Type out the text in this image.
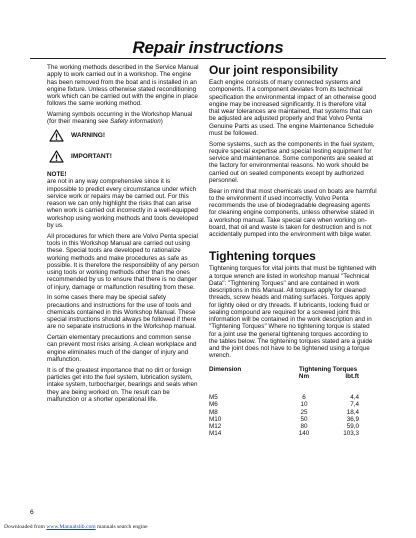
Repair instructions

The working methods described in the Service Manual apply to work carried out in a workshop. The engine has been removed from the boat and is installed in an engine fixture. Unless otherwise stated reconditioning work which can be carried out with the engine in place follows the same working method.

Warning symbols occurring in the Workshop Manual (for their meaning see Safety information)

WARNING!
IMPORTANT!
NOTE!

are not in any way comprehensive since it is impossible to predict every circumstance under which service work or repairs may be carried out. For this reason we can only highlight the risks that can arise when work is carried out incorrectly in a well-equipped workshop using working methods and tools developed by us.

All procedures for which there are Volvo Penta special tools in this Workshop Manual are carried out using these. Special tools are developed to rationalize working methods and make procedures as safe as possible. It is therefore the responsibility of any person using tools or working methods other than the ones recommended by us to ensure that there is no danger of injury, damage or malfunction resulting from these.

In some cases there may be special safety precautions and instructions for the use of tools and chemicals contained in this Workshop Manual. These special instructions should always be followed if there are no separate instructions in the Workshop manual.

Certain elementary precautions and common sense can prevent most risks arising. A clean workplace and engine eliminates much of the danger of injury and malfunction.

It is of the greatest importance that no dirt or foreign particles get into the fuel system, lubrication system, intake system, turbocharger, bearings and seals when they are being worked on. The result can be malfunction or a shorter operational life.

Our joint responsibility

Each engine consists of many connected systems and components. If a component deviates from its technical specification the environmental impact of an otherwise good engine may be increased significantly. It is therefore vital that wear tolerances are maintained, that systems that can be adjusted are adjusted properly and that Volvo Penta Genuine Parts as used. The engine Maintenance Schedule must be followed.

Some systems, such as the components in the fuel system, require special expertise and special testing equipment for service and maintenance. Some components are sealed at the factory for environmental reasons. No work should be carried out on sealed components except by authorized personnel.

Bear in mind that most chemicals used on boats are harmful to the environment if used incorrectly. Volvo Penta recommends the use of biodegradable degreasing agents for cleaning engine components, unless otherwise stated in a workshop manual. Take special care when working on-board, that oil and waste is taken for destruction and is not accidentally pumped into the environment with bilge water.

Tightening torques

Tightening torques for vital joints that must be tightened with a torque wrench are listed in workshop manual "Technical Data": "Tightening Torques" and are contained in work descriptions in this Manual. All torques apply for cleaned threads, screw heads and mating surfaces. Torques apply for lightly oiled or dry threads. If lubricants, locking fluid or sealing compound are required for a screwed joint this information will be contained in the work description and in "Tightening Torques" Where no tightening torque is stated for a joint use the general tightening torques according to the tables below. The tightening torques stated are a guide and the joint does not have to be tightened using a torque wrench.

Dimension	Tightening Torques	
	Nm	lbt.ft

M5	6	4,4
M6	10	7,4
M8	25	18,4
M10	50	36,9
M12	80	59,0
M14	140	103,3
6
Downloaded from www.Manualslib.com manuals search engine
